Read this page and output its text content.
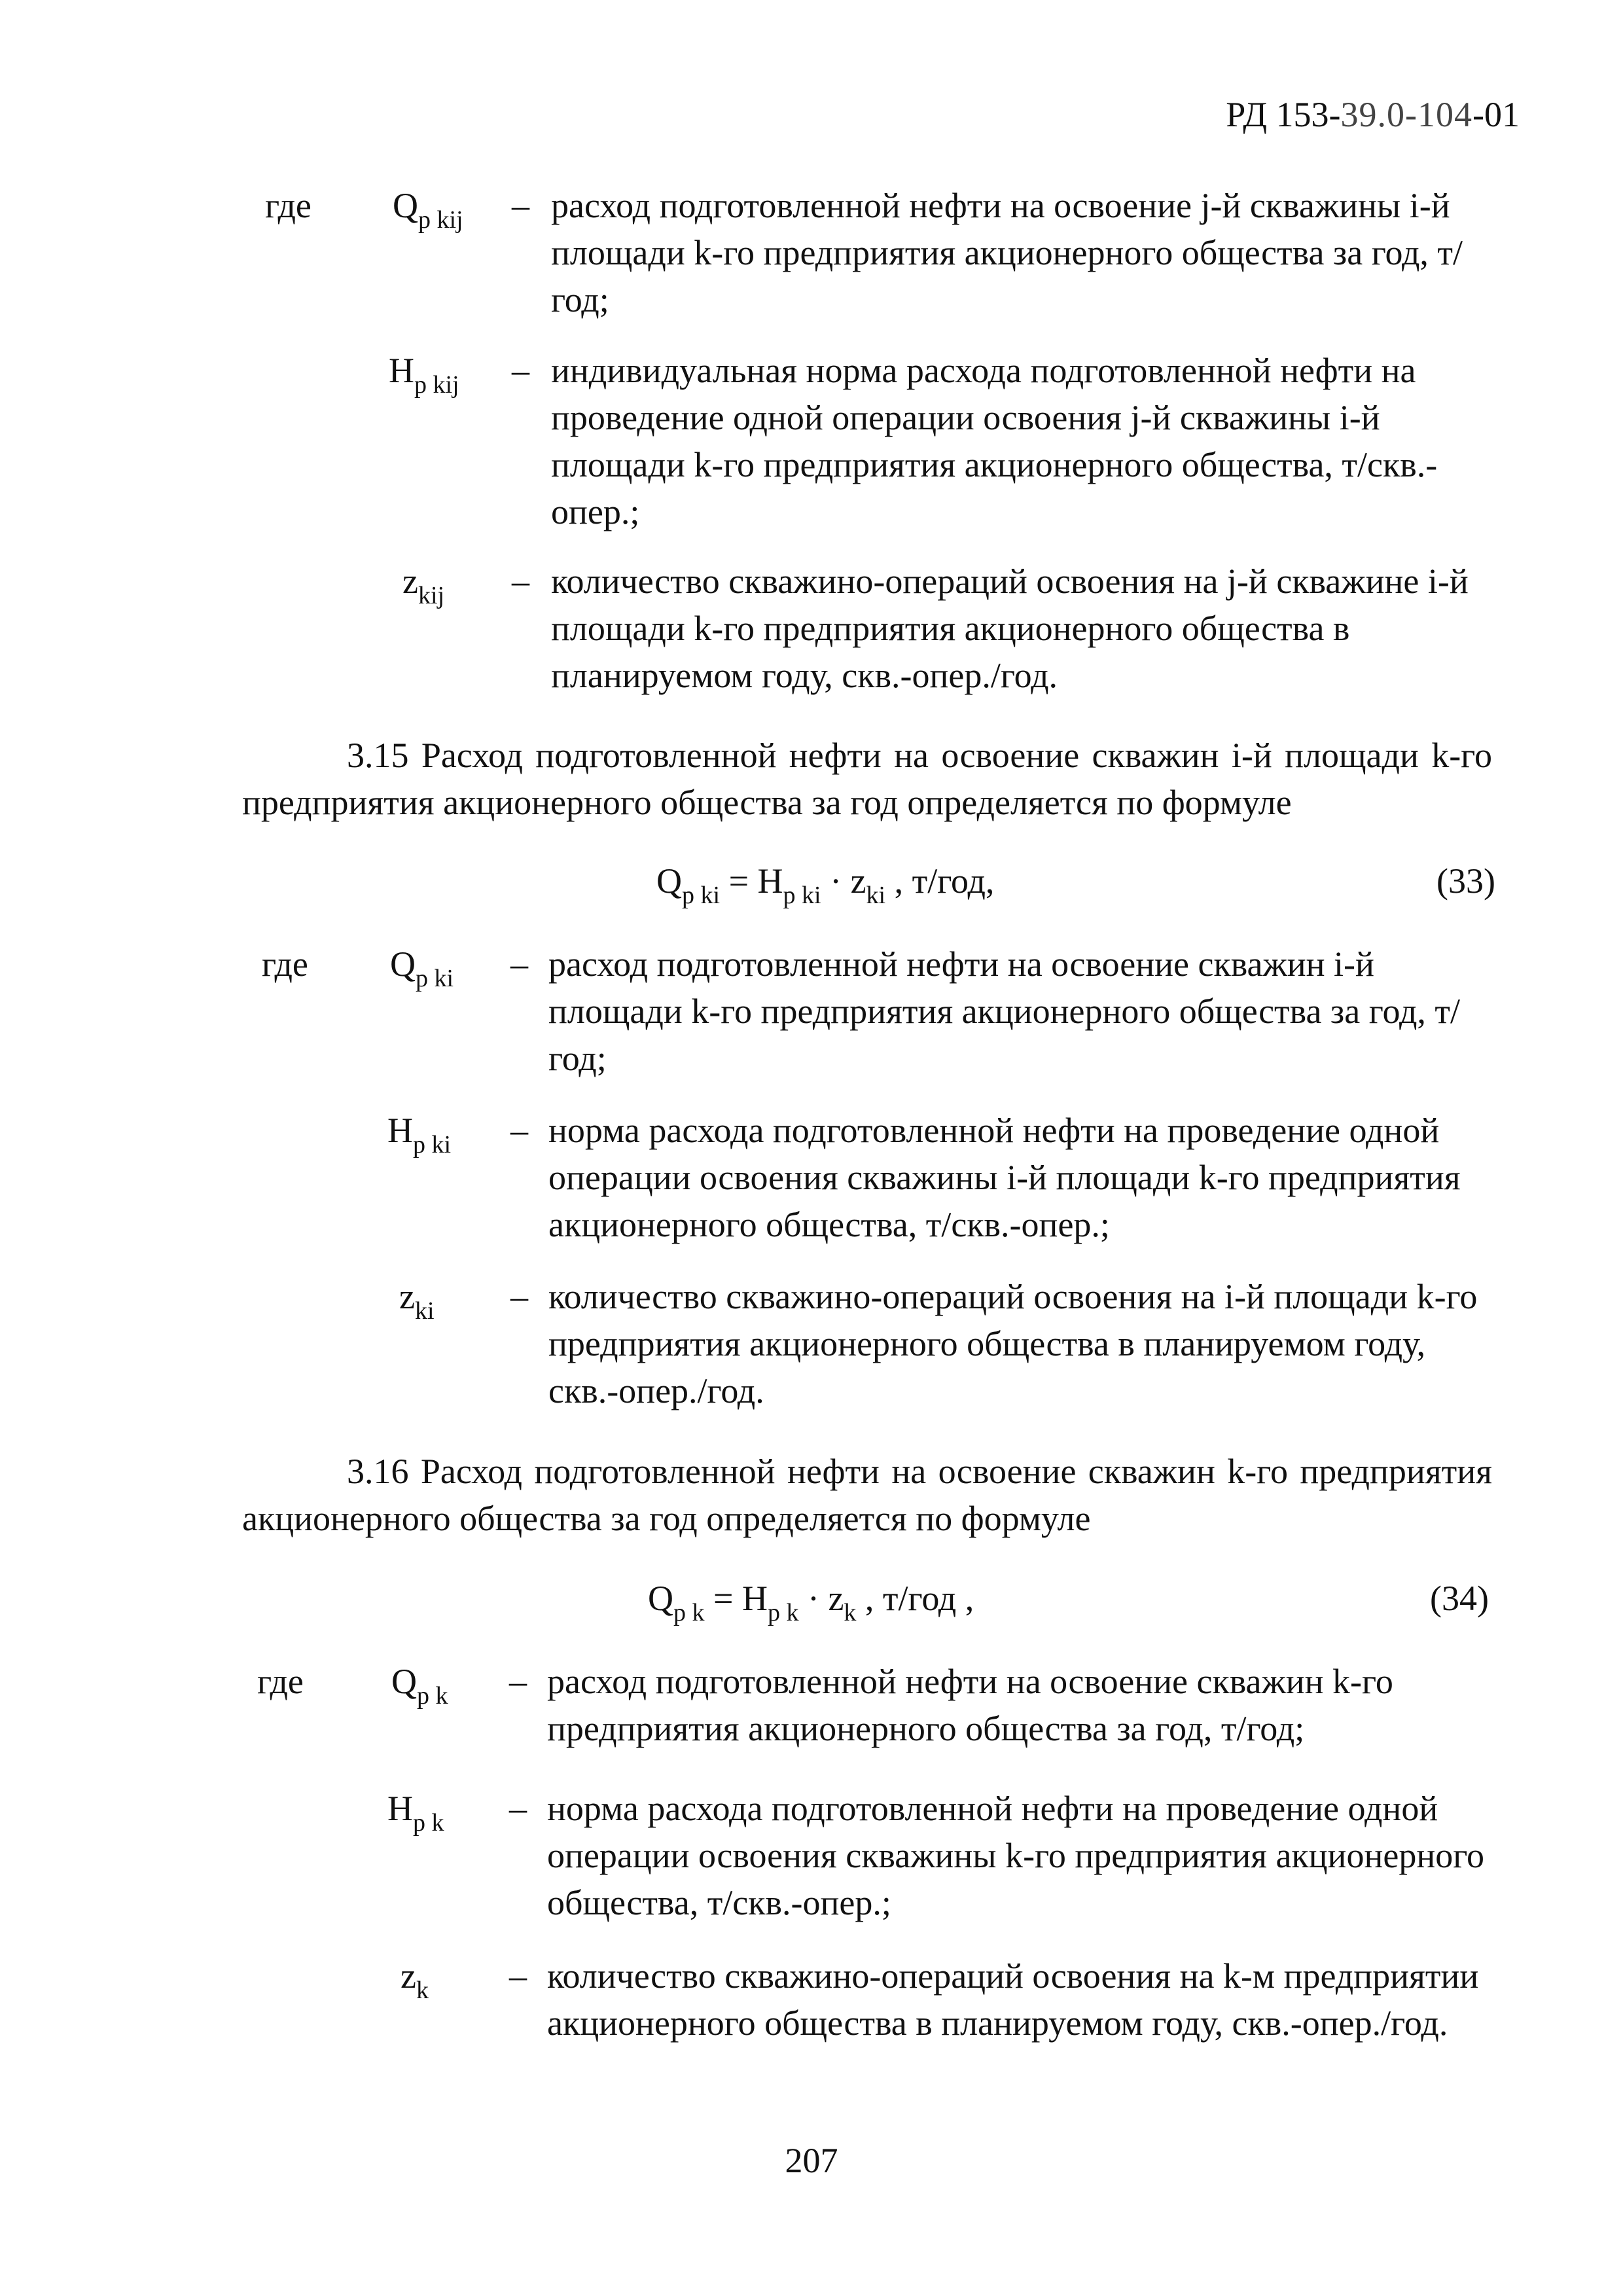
РД 153-39.0-104-01
где $Q_{р kij}$ – расход подготовленной нефти на освоение j-й скважины i-й площади k-го предприятия акционерного общества за год, т/год;
$Н_{р kij}$ – индивидуальная норма расхода подготовленной нефти на проведение одной операции освоения j-й скважины i-й площади k-го предприятия акционерного общества, т/скв.-опер.;
$z_{kij}$ – количество скважино-операций освоения на j-й скважине i-й площади k-го предприятия акционерного общества в планируемом году, скв.-опер./год.
3.15 Расход подготовленной нефти на освоение скважин i-й площади k-го предприятия акционерного общества за год определяется по формуле
$Q_{р ki} = Н_{р ki} \cdot z_{ki}$ , т/год,	(33)
где $Q_{р ki}$ – расход подготовленной нефти на освоение скважин i-й площади k-го предприятия акционерного общества за год, т/год;
$Н_{р ki}$ – норма расхода подготовленной нефти на проведение одной операции освоения скважины i-й площади k-го предприятия акционерного общества, т/скв.-опер.;
$z_{ki}$ – количество скважино-операций освоения на i-й площади k-го предприятия акционерного общества в планируемом году, скв.-опер./год.
3.16 Расход подготовленной нефти на освоение скважин k-го предприятия акционерного общества за год определяется по формуле
$Q_{р k} = Н_{р k} \cdot z_k$ , т/год ,	(34)
где $Q_{р k}$ – расход подготовленной нефти на освоение скважин k-го предприятия акционерного общества за год, т/год;
$Н_{р k}$ – норма расхода подготовленной нефти на проведение одной операции освоения скважины k-го предприятия акционерного общества, т/скв.-опер.;
$z_k$ – количество скважино-операций освоения на k-м предприятии акционерного общества в планируемом году, скв.-опер./год.
207
